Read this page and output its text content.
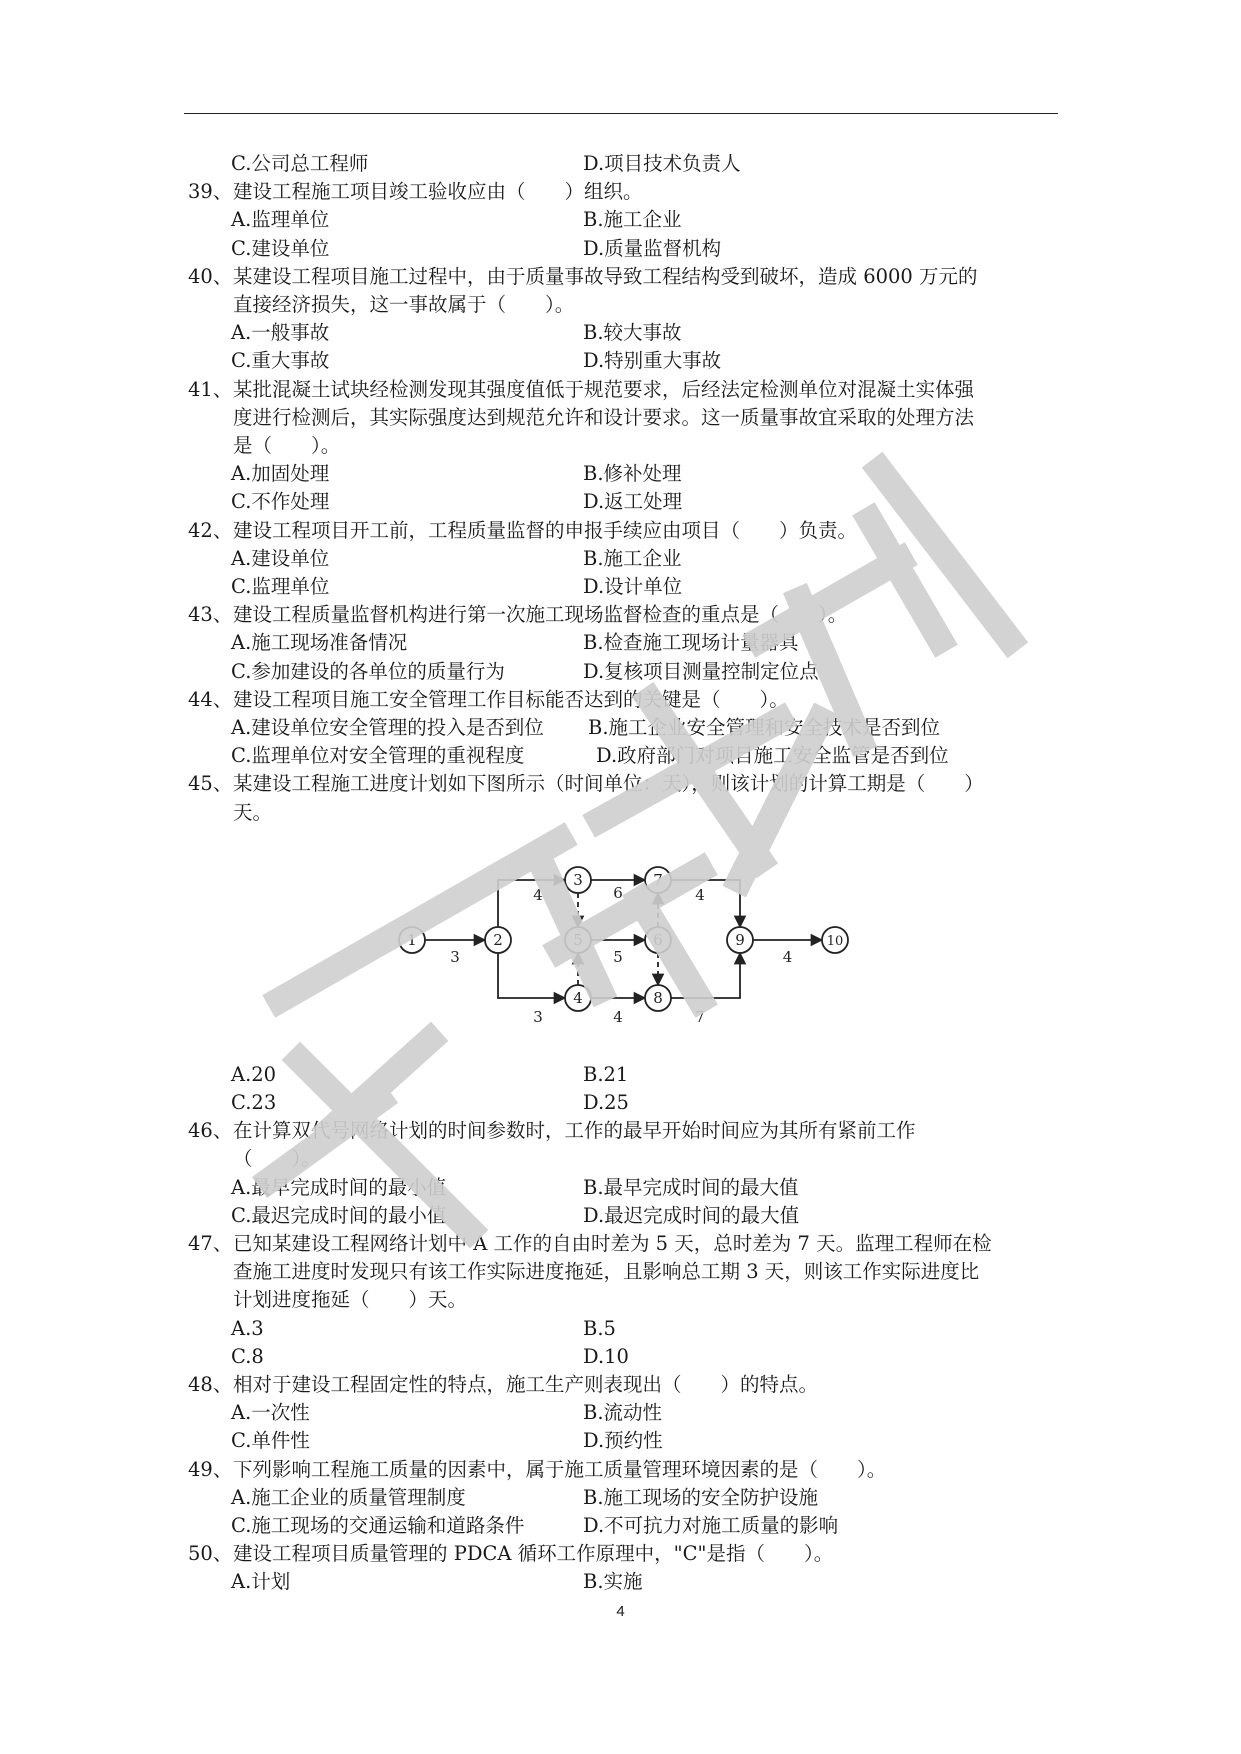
C.公司总工程师	D.项目技术负责人
39、 建设工程施工项目竣工验收应由（　　）组织。
A.监理单位	B.施工企业
C.建设单位	D.质量监督机构
40、 某建设工程项目施工过程中，由于质量事故导致工程结构受到破坏，造成 6000 万元的
直接经济损失，这一事故属于（　　）。
A.一般事故	B.较大事故
C.重大事故	D.特别重大事故
41、 某批混凝土试块经检测发现其强度值低于规范要求，后经法定检测单位对混凝土实体强
度进行检测后，其实际强度达到规范允许和设计要求。这一质量事故宜采取的处理方法
是（　　）。
A.加固处理	B.修补处理
C.不作处理	D.返工处理
42、 建设工程项目开工前，工程质量监督的申报手续应由项目（　　）负责。
A.建设单位	B.施工企业
C.监理单位	D.设计单位
43、 建设工程质量监督机构进行第一次施工现场监督检查的重点是（　　）。
A.施工现场准备情况	B.检查施工现场计量器具
C.参加建设的各单位的质量行为	D.复核项目测量控制定位点
44、 建设工程项目施工安全管理工作目标能否达到的关键是（　　）。
A.建设单位安全管理的投入是否到位 B.施工企业安全管理和安全技术是否到位
C.监理单位对安全管理的重视程度	D.政府部门对项目施工安全监管是否到位
45、 某建设工程施工进度计划如下图所示（时间单位：天），则该计划的计算工期是（　　）
天。
A.20	B.21
C.23	D.25
46、 在计算双代号网络计划的时间参数时，工作的最早开始时间应为其所有紧前工作
（　　）。
A.最早完成时间的最小值	B.最早完成时间的最大值
C.最迟完成时间的最小值	D.最迟完成时间的最大值
47、 已知某建设工程网络计划中 A 工作的自由时差为 5 天，总时差为 7 天。监理工程师在检
查施工进度时发现只有该工作实际进度拖延，且影响总工期 3 天，则该工作实际进度比
计划进度拖延（　　）天。
A.3	B.5
C.8	D.10
48、 相对于建设工程固定性的特点，施工生产则表现出（　　）的特点。
A.一次性	B.流动性
C.单件性	D.预约性
49、 下列影响工程施工质量的因素中，属于施工质量管理环境因素的是（　　）。
A.施工企业的质量管理制度	B.施工现场的安全防护设施
C.施工现场的交通运输和道路条件	D.不可抗力对施工质量的影响
50、 建设工程项目质量管理的 PDCA 循环工作原理中，"C"是指（　　）。
A.计划	B.实施
3
4
3
6
5
4
4
7
4
1	2
3
4
5	6
7
8
9	10
4
